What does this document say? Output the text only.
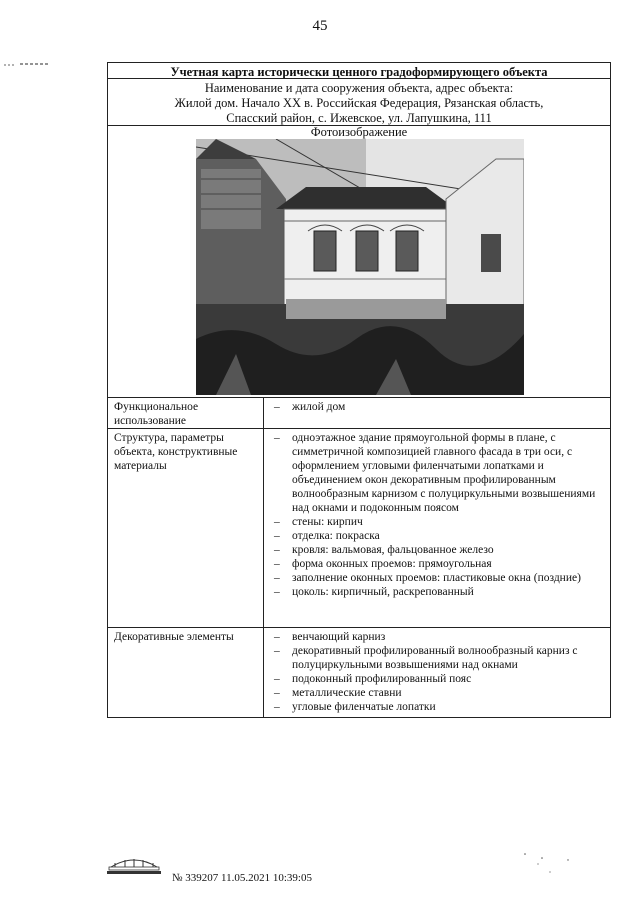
45
Учетная карта исторически ценного градоформирующего объекта
Наименование и дата сооружения объекта, адрес объекта:
Жилой дом. Начало XX в. Российская Федерация, Рязанская область,
Спасский район, с. Ижевское, ул. Лапушкина, 111
Фотоизображение
Функциональное использование
– жилой дом
Структура, параметры объекта, конструктивные материалы
– одноэтажное здание прямоугольной формы в плане, с симметричной композицией главного фасада в три оси, с оформлением угловыми филенчатыми лопатками и объединением окон декоративным профилированным волнообразным карнизом с полуциркульными возвышениями над окнами и подоконным поясом
– стены: кирпич
– отделка: покраска
– кровля: вальмовая, фальцованное железо
– форма оконных проемов: прямоугольная
– заполнение оконных проемов: пластиковые окна (поздние)
– цоколь: кирпичный, раскрепованный
Декоративные элементы	– венчающий карниз
– декоративный профилированный волнообразный карниз с полуциркульными возвышениями над окнами
– подоконный профилированный пояс
– металлические ставни
– угловые филенчатые лопатки
№ 339207 11.05.2021 10:39:05
